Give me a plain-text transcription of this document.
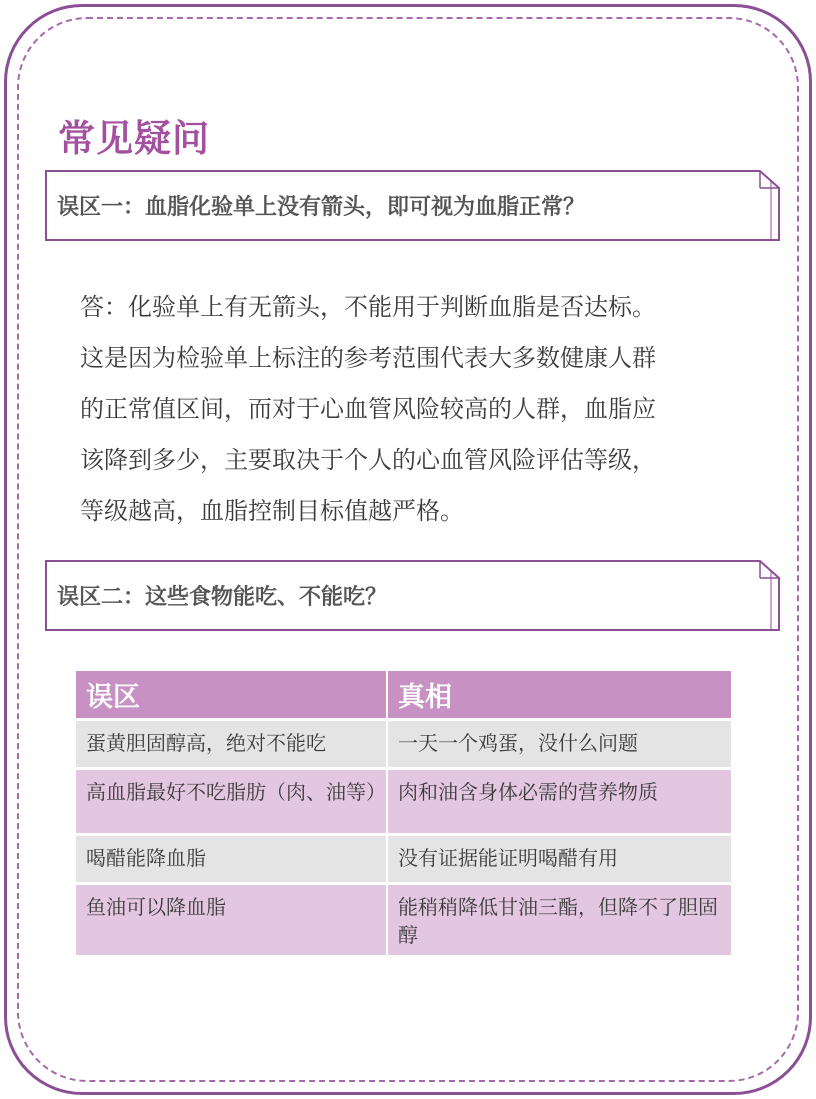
常见疑问
误区一：血脂化验单上没有箭头，即可视为血脂正常？

答：化验单上有无箭头，不能用于判断血脂是否达标。

这是因为检验单上标注的参考范围代表大多数健康人群

的正常值区间，而对于心血管风险较高的人群，血脂应

该降到多少，主要取决于个人的心血管风险评估等级，

等级越高，血脂控制目标值越严格。

误区二：这些食物能吃、不能吃？
误区	真相
蛋黄胆固醇高，绝对不能吃	一天一个鸡蛋，没什么问题
高血脂最好不吃脂肪（肉、油等）	肉和油含身体必需的营养物质
喝醋能降血脂	没有证据能证明喝醋有用
鱼油可以降血脂	能稍稍降低甘油三酯，但降不了胆固醇
